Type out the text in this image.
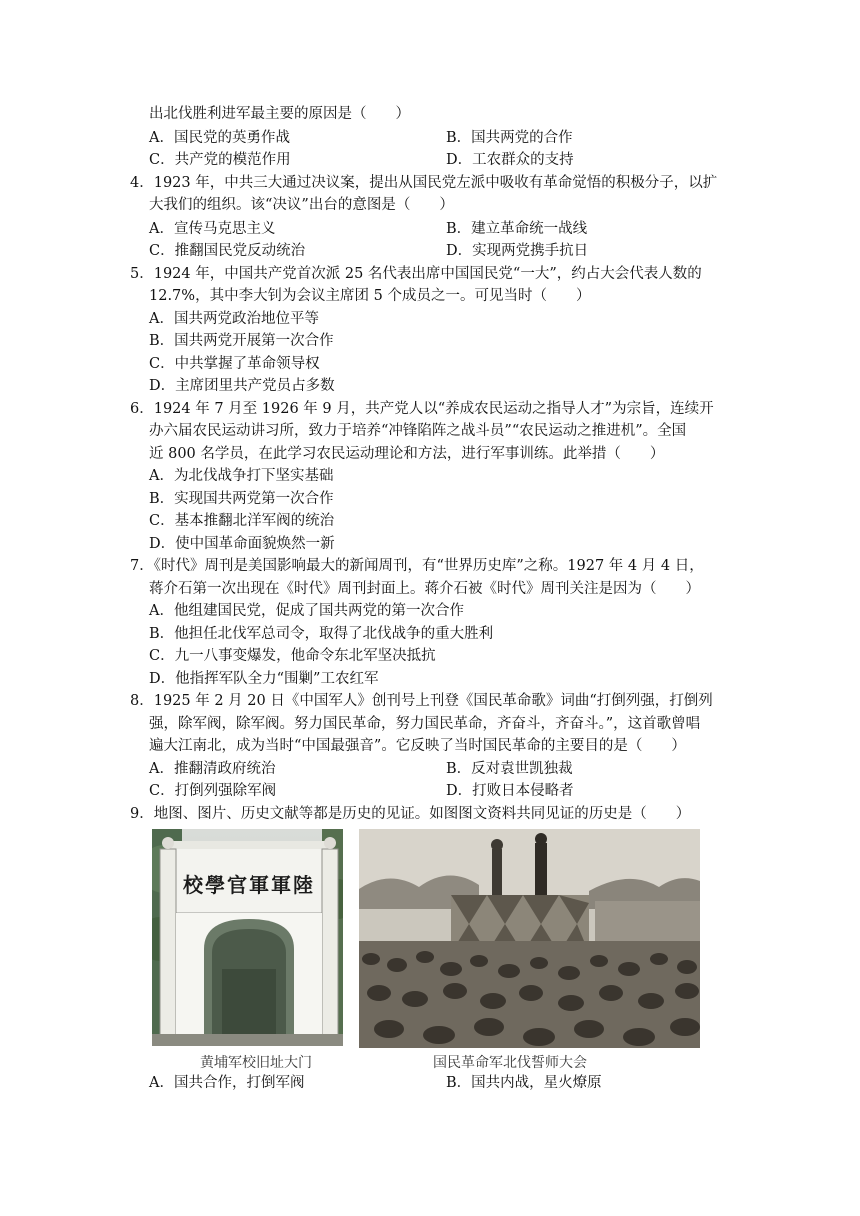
出北伐胜利进军最主要的原因是（　　）
A．国民党的英勇作战	B．国共两党的合作
C．共产党的模范作用	D．工农群众的支持
4．1923 年，中共三大通过决议案，提出从国民党左派中吸收有革命觉悟的积极分子，以扩
大我们的组织。该“决议”出台的意图是（　　）
A．宣传马克思主义	B．建立革命统一战线
C．推翻国民党反动统治	D．实现两党携手抗日
5．1924 年，中国共产党首次派 25 名代表出席中国国民党“一大”，约占大会代表人数的
12.7%，其中李大钊为会议主席团 5 个成员之一。可见当时（　　）
A．国共两党政治地位平等
B．国共两党开展第一次合作
C．中共掌握了革命领导权
D．主席团里共产党员占多数
6．1924 年 7 月至 1926 年 9 月，共产党人以“养成农民运动之指导人才”为宗旨，连续开
办六届农民运动讲习所，致力于培养“冲锋陷阵之战斗员”“农民运动之推进机”。全国
近 800 名学员，在此学习农民运动理论和方法，进行军事训练。此举措（　　）
A．为北伐战争打下坚实基础
B．实现国共两党第一次合作
C．基本推翻北洋军阀的统治
D．使中国革命面貌焕然一新
7．《时代》周刊是美国影响最大的新闻周刊，有“世界历史库”之称。1927 年 4 月 4 日，
蒋介石第一次出现在《时代》周刊封面上。蒋介石被《时代》周刊关注是因为（　　）
A．他组建国民党，促成了国共两党的第一次合作
B．他担任北伐军总司令，取得了北伐战争的重大胜利
C．九一八事变爆发，他命令东北军坚决抵抗
D．他指挥军队全力“围剿”工农红军
8．1925 年 2 月 20 日《中国军人》创刊号上刊登《国民革命歌》词曲“打倒列强，打倒列
强，除军阀，除军阀。努力国民革命，努力国民革命，齐奋斗，齐奋斗。”，这首歌曾唱
遍大江南北，成为当时“中国最强音”。它反映了当时国民革命的主要目的是（　　）
A．推翻清政府统治	B．反对袁世凯独裁
C．打倒列强除军阀	D．打败日本侵略者
9．地图、图片、历史文献等都是历史的见证。如图图文资料共同见证的历史是（　　）
校學官軍軍陸
黄埔军校旧址大门	国民革命军北伐誓师大会
A．国共合作，打倒军阀	B．国共内战，星火燎原
